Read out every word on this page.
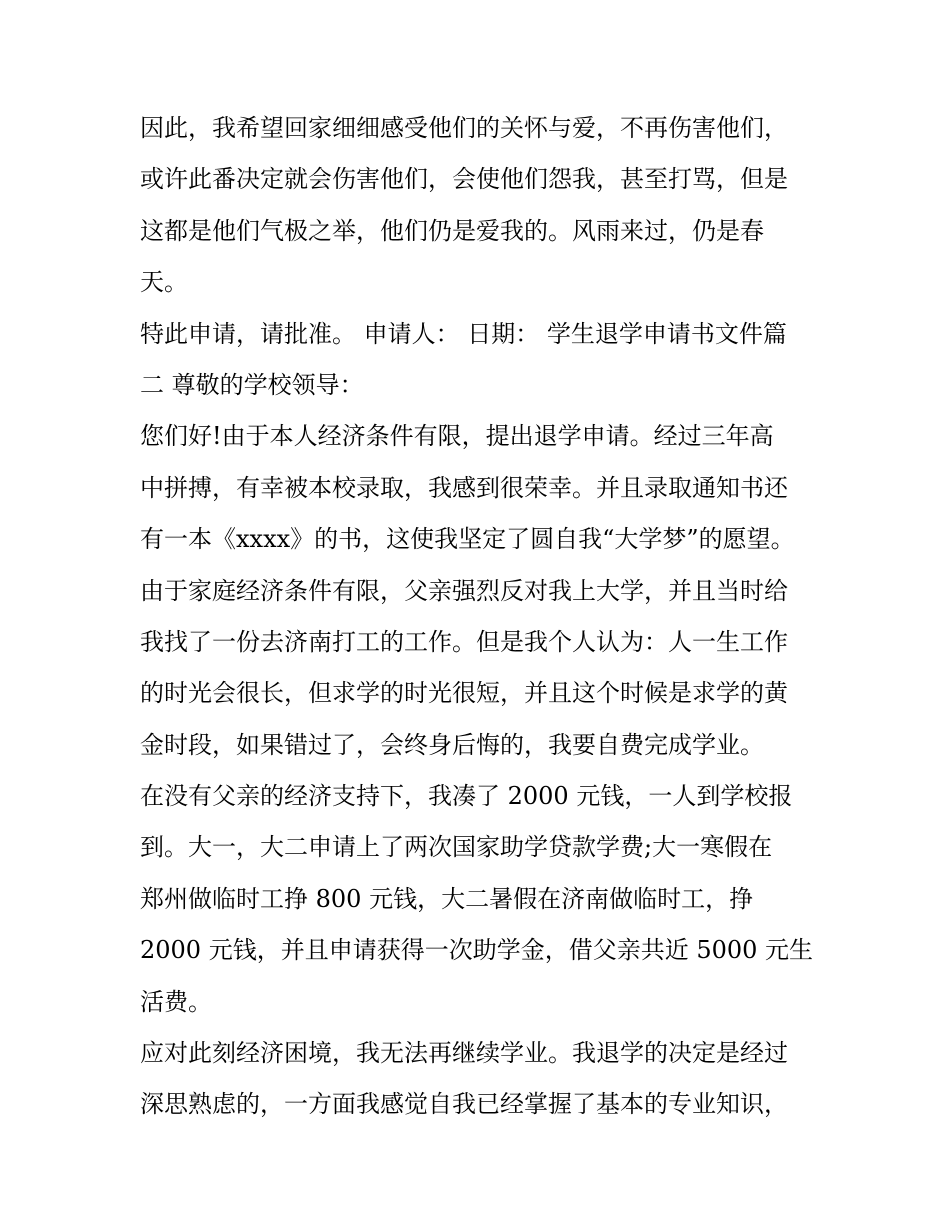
因此，我希望回家细细感受他们的关怀与爱，不再伤害他们，
或许此番决定就会伤害他们，会使他们怨我，甚至打骂，但是
这都是他们气极之举，他们仍是爱我的。风雨来过，仍是春
天。
特此申请，请批准。 申请人： 日期： 学生退学申请书文件篇
二 尊敬的学校领导：
您们好!由于本人经济条件有限，提出退学申请。经过三年高
中拼搏，有幸被本校录取，我感到很荣幸。并且录取通知书还
有一本《xxxx》的书，这使我坚定了圆自我“大学梦”的愿望。
由于家庭经济条件有限，父亲强烈反对我上大学，并且当时给
我找了一份去济南打工的工作。但是我个人认为：人一生工作
的时光会很长，但求学的时光很短，并且这个时候是求学的黄
金时段，如果错过了，会终身后悔的，我要自费完成学业。
在没有父亲的经济支持下，我凑了 2000 元钱，一人到学校报
到。大一，大二申请上了两次国家助学贷款学费;大一寒假在
郑州做临时工挣 800 元钱，大二暑假在济南做临时工，挣
2000 元钱，并且申请获得一次助学金，借父亲共近 5000 元生
活费。
应对此刻经济困境，我无法再继续学业。我退学的决定是经过
深思熟虑的，一方面我感觉自我已经掌握了基本的专业知识，
